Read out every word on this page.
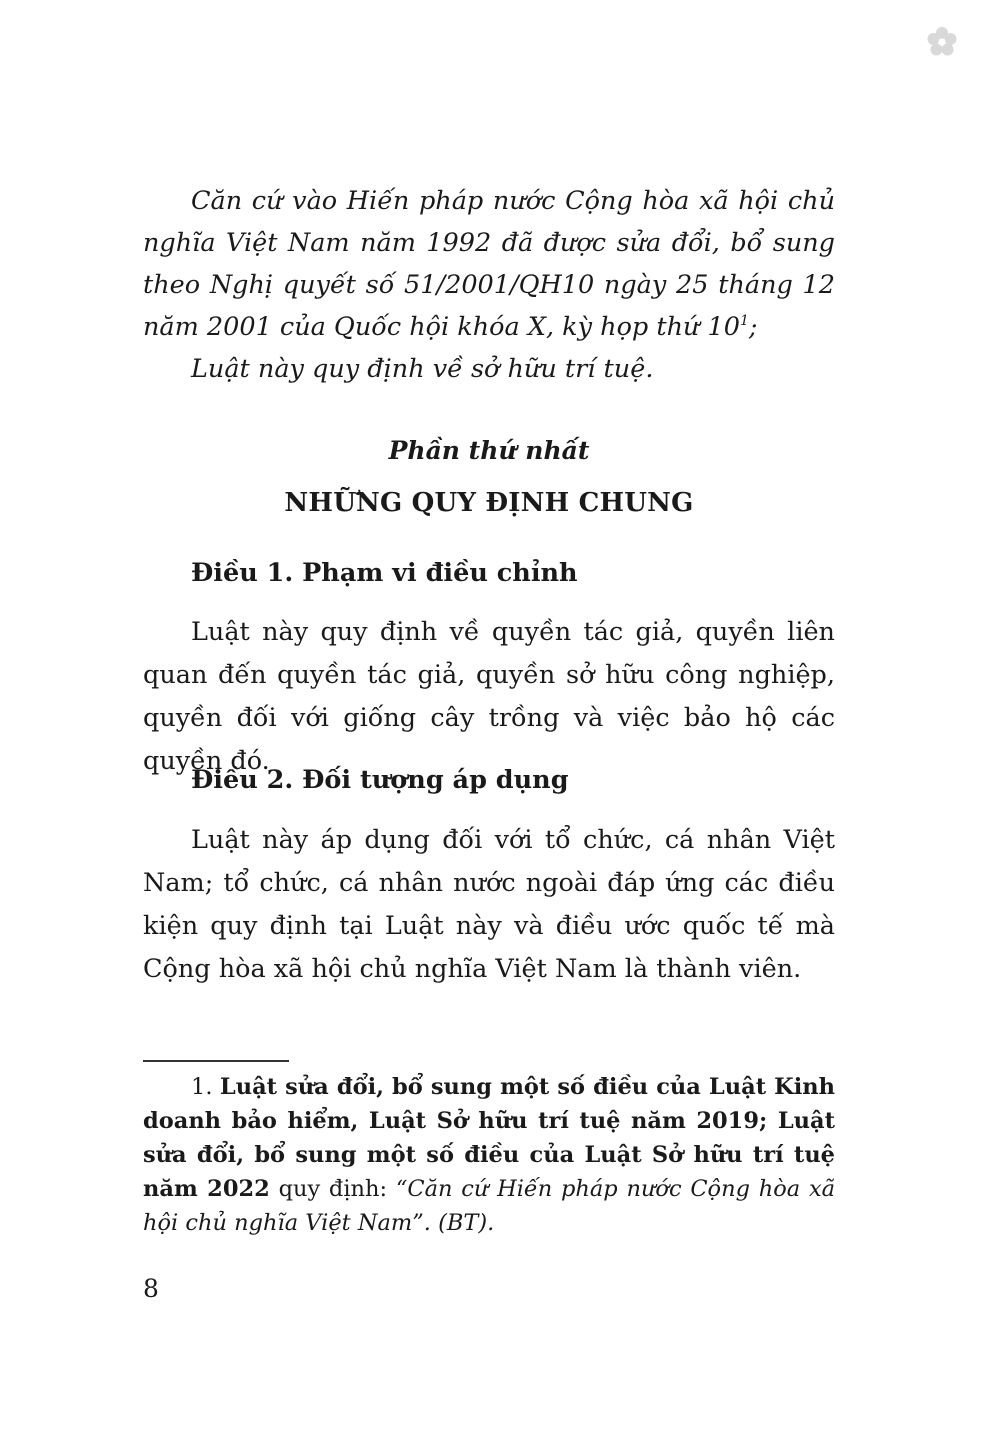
Căn cứ vào Hiến pháp nước Cộng hòa xã hội chủ nghĩa Việt Nam năm 1992 đã được sửa đổi, bổ sung theo Nghị quyết số 51/2001/QH10 ngày 25 tháng 12 năm 2001 của Quốc hội khóa X, kỳ họp thứ $10^1$;

Luật này quy định về sở hữu trí tuệ.

Phần thứ nhất
NHỮNG QUY ĐỊNH CHUNG
Điều 1. Phạm vi điều chỉnh

Luật này quy định về quyền tác giả, quyền liên quan đến quyền tác giả, quyền sở hữu công nghiệp, quyền đối với giống cây trồng và việc bảo hộ các quyền đó.

Điều 2. Đối tượng áp dụng

Luật này áp dụng đối với tổ chức, cá nhân Việt Nam; tổ chức, cá nhân nước ngoài đáp ứng các điều kiện quy định tại Luật này và điều ước quốc tế mà Cộng hòa xã hội chủ nghĩa Việt Nam là thành viên.

1. Luật sửa đổi, bổ sung một số điều của Luật Kinh doanh bảo hiểm, Luật Sở hữu trí tuệ năm 2019; Luật sửa đổi, bổ sung một số điều của Luật Sở hữu trí tuệ năm 2022 quy định: “Căn cứ Hiến pháp nước Cộng hòa xã hội chủ nghĩa Việt Nam”. (BT).

8
